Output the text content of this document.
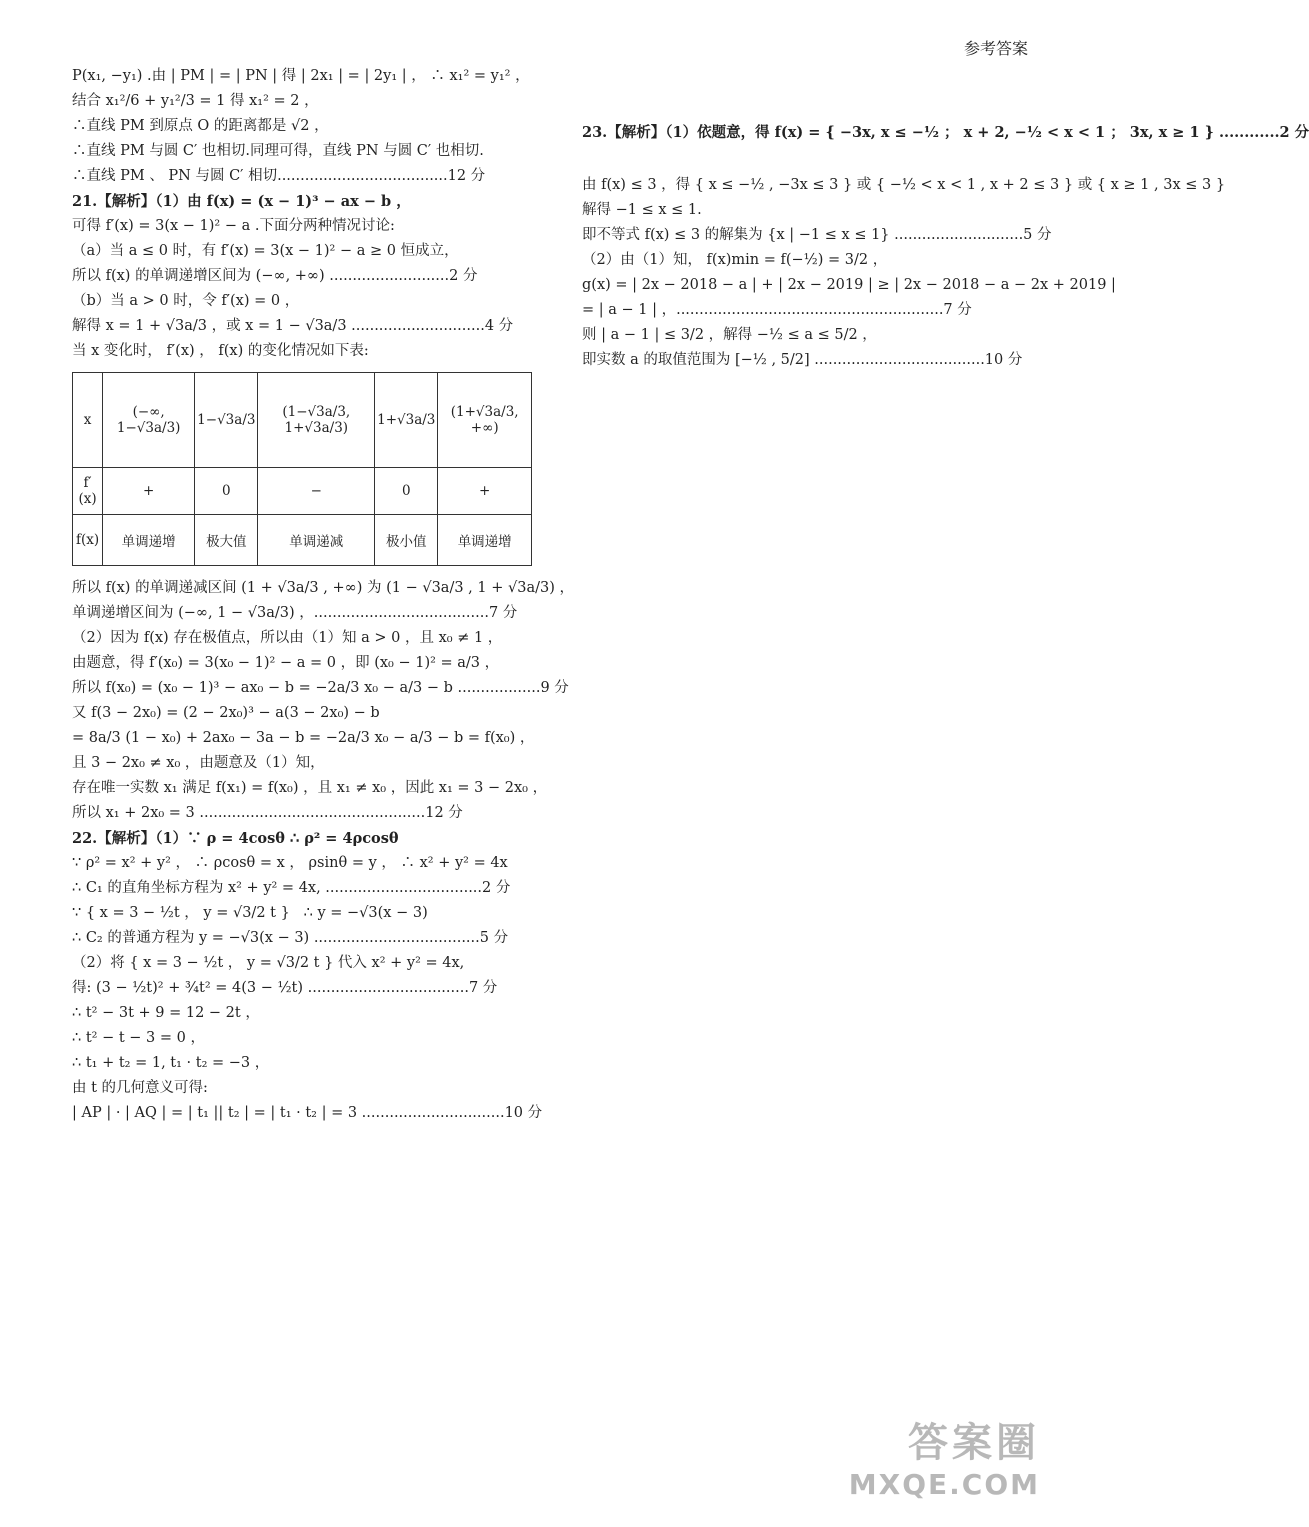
参考答案
P(x₁, −y₁) .由 | PM | = | PN | 得 | 2x₁ | = | 2y₁ | ， ∴ x₁² = y₁² ，
结合 x₁²/6 + y₁²/3 = 1 得 x₁² = 2 ，
∴直线 PM 到原点 O 的距离都是 √2 ，
∴直线 PM 与圆 C′ 也相切.同理可得，直线 PN 与圆 C′ 也相切.
∴直线 PM 、 PN 与圆 C′ 相切.....................................12 分
21.【解析】（1）由 f(x) = (x − 1)³ − ax − b ，
可得 f′(x) = 3(x − 1)² − a .下面分两种情况讨论:
（a）当 a ≤ 0 时，有 f′(x) = 3(x − 1)² − a ≥ 0 恒成立，
所以 f(x) 的单调递增区间为 (−∞, +∞) ..........................2 分
（b）当 a > 0 时，令 f′(x) = 0 ，
解得 x = 1 + √3a/3 ，或 x = 1 − √3a/3 .............................4 分
当 x 变化时， f′(x) ， f(x) 的变化情况如下表:
x	(−∞, 1−√3a/3)	1−√3a/3	(1−√3a/3, 1+√3a/3)	1+√3a/3	(1+√3a/3, +∞)
f′(x)	+	0	−	0	+
f(x)	单调递增	极大值	单调递减	极小值	单调递增
所以 f(x) 的单调递减区间 (1 + √3a/3 , +∞) 为 (1 − √3a/3 , 1 + √3a/3) ，
单调递增区间为 (−∞, 1 − √3a/3) ，......................................7 分
（2）因为 f(x) 存在极值点，所以由（1）知 a > 0 ，且 x₀ ≠ 1 ，
由题意，得 f′(x₀) = 3(x₀ − 1)² − a = 0 ，即 (x₀ − 1)² = a/3 ，
所以 f(x₀) = (x₀ − 1)³ − ax₀ − b = −2a/3 x₀ − a/3 − b ..................9 分
又 f(3 − 2x₀) = (2 − 2x₀)³ − a(3 − 2x₀) − b
= 8a/3 (1 − x₀) + 2ax₀ − 3a − b = −2a/3 x₀ − a/3 − b = f(x₀) ，
且 3 − 2x₀ ≠ x₀ ，由题意及（1）知，
存在唯一实数 x₁ 满足 f(x₁) = f(x₀) ，且 x₁ ≠ x₀ ，因此 x₁ = 3 − 2x₀ ，
所以 x₁ + 2x₀ = 3 .................................................12 分
22.【解析】（1）∵ ρ = 4cosθ ∴ ρ² = 4ρcosθ
∵ ρ² = x² + y² ， ∴ ρcosθ = x ， ρsinθ = y ， ∴ x² + y² = 4x
∴ C₁ 的直角坐标方程为 x² + y² = 4x, ..................................2 分
∵ { x = 3 − ½t ， y = √3/2 t }   ∴ y = −√3(x − 3)
∴ C₂ 的普通方程为 y = −√3(x − 3) ....................................5 分
（2）将 { x = 3 − ½t ， y = √3/2 t } 代入 x² + y² = 4x,
得: (3 − ½t)² + ¾t² = 4(3 − ½t) ...................................7 分
∴ t² − 3t + 9 = 12 − 2t ，
∴ t² − t − 3 = 0 ，
∴ t₁ + t₂ = 1, t₁ · t₂ = −3 ，
由 t 的几何意义可得:
| AP | · | AQ | = | t₁ || t₂ | = | t₁ · t₂ | = 3 ...............................10 分
23.【解析】（1）依题意，得 f(x) = { −3x, x ≤ −½ ； x + 2, −½ < x < 1 ； 3x, x ≥ 1 } ............2 分
由 f(x) ≤ 3 ，得 { x ≤ −½ , −3x ≤ 3 } 或 { −½ < x < 1 , x + 2 ≤ 3 } 或 { x ≥ 1 , 3x ≤ 3 }
解得 −1 ≤ x ≤ 1.
即不等式 f(x) ≤ 3 的解集为 {x | −1 ≤ x ≤ 1} ............................5 分
（2）由（1）知， f(x)min = f(−½) = 3/2 ，
g(x) = | 2x − 2018 − a | + | 2x − 2019 | ≥ | 2x − 2018 − a − 2x + 2019 |
= | a − 1 | ，..........................................................7 分
则 | a − 1 | ≤ 3/2 ，解得 −½ ≤ a ≤ 5/2 ，
即实数 a 的取值范围为 [−½ , 5/2] .....................................10 分
答案圈
MXQE.COM
